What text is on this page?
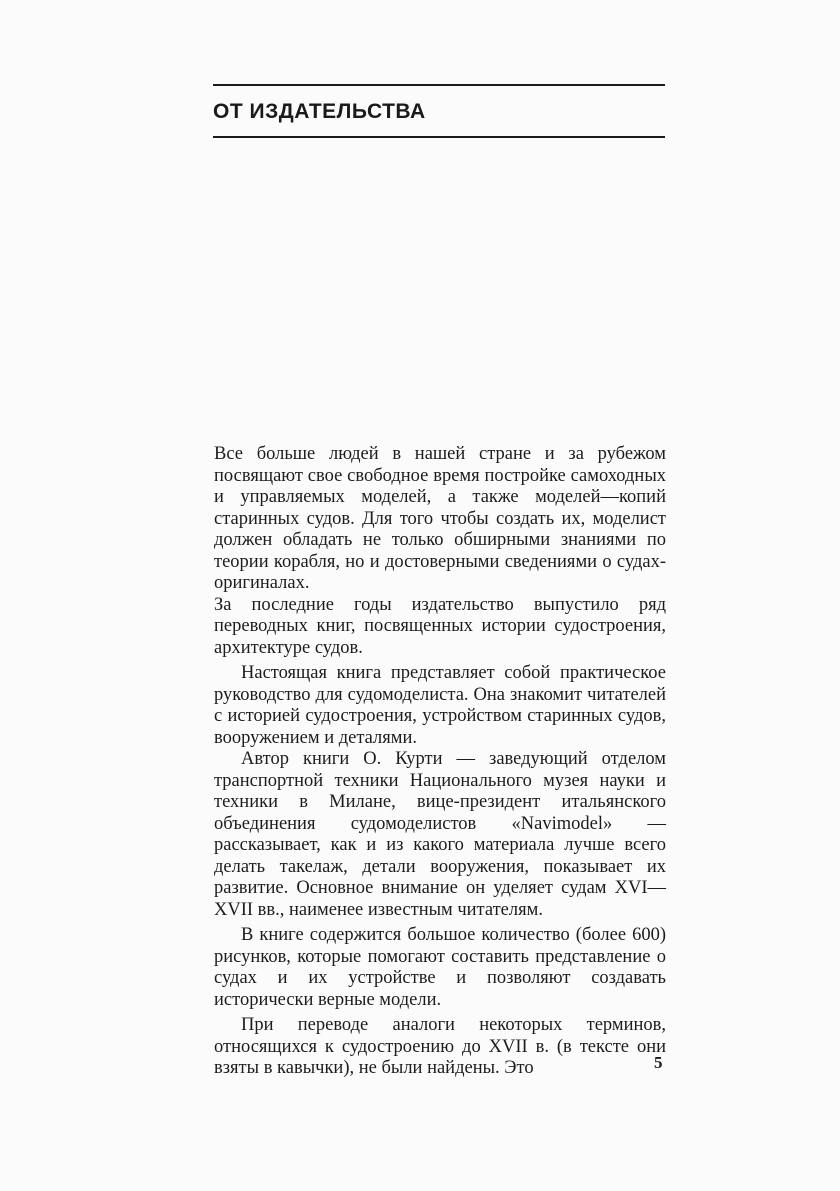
ОТ ИЗДАТЕЛЬСТВА

Все больше людей в нашей стране и за рубежом посвящают свое свободное время постройке самоходных и управляемых моделей, а также моделей—копий старинных судов. Для того чтобы создать их, моделист должен обладать не только обширными знаниями по теории корабля, но и достоверными сведениями о судах-оригиналах.

За последние годы издательство выпустило ряд переводных книг, посвященных истории судостроения, архитектуре судов.

Настоящая книга представляет собой практическое руководство для судомоделиста. Она знакомит читателей с историей судостроения, устройством старинных судов, вооружением и деталями.

Автор книги О. Курти — заведующий отделом транспортной техники Национального музея науки и техники в Милане, вице-президент итальянского объединения судомоделистов «Navimodel» — рассказывает, как и из какого материала лучше всего делать такелаж, детали вооружения, показывает их развитие. Основное внимание он уделяет судам XVI—XVII вв., наименее известным читателям.

В книге содержится большое количество (более 600) рисунков, которые помогают составить представление о судах и их устройстве и позволяют создавать исторически верные модели.

При переводе аналоги некоторых терминов, относящихся к судостроению до XVII в. (в тексте они взяты в кавычки), не были найдены. Это	5
